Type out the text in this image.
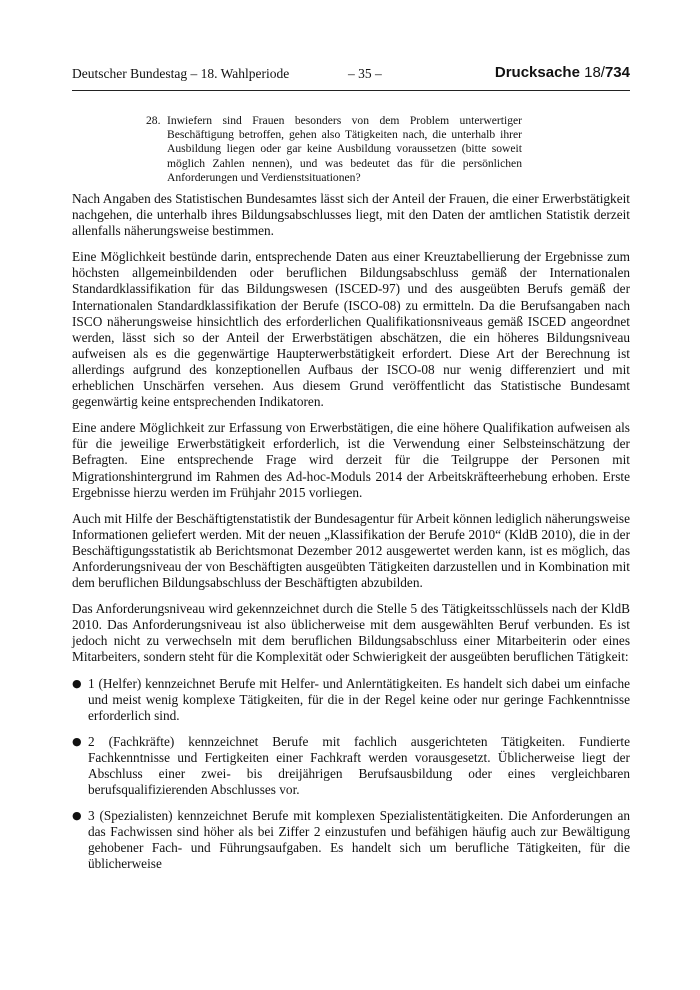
Deutscher Bundestag – 18. Wahlperiode	– 35 –	Drucksache 18/734
28. Inwiefern sind Frauen besonders von dem Problem unterwertiger Beschäftigung betroffen, gehen also Tätigkeiten nach, die unterhalb ihrer Ausbildung liegen oder gar keine Ausbildung voraussetzen (bitte soweit möglich Zahlen nennen), und was bedeutet das für die persönlichen Anforderungen und Verdienstsituationen?

Nach Angaben des Statistischen Bundesamtes lässt sich der Anteil der Frauen, die einer Erwerbstätigkeit nachgehen, die unterhalb ihres Bildungsabschlusses liegt, mit den Daten der amtlichen Statistik derzeit allenfalls näherungsweise bestimmen.

Eine Möglichkeit bestünde darin, entsprechende Daten aus einer Kreuztabellierung der Ergebnisse zum höchsten allgemeinbildenden oder beruflichen Bildungsabschluss gemäß der Internationalen Standardklassifikation für das Bildungswesen (ISCED-97) und des ausgeübten Berufs gemäß der Internationalen Standardklassifikation der Berufe (ISCO-08) zu ermitteln. Da die Berufsangaben nach ISCO näherungsweise hinsichtlich des erforderlichen Qualifikationsniveaus gemäß ISCED angeordnet werden, lässt sich so der Anteil der Erwerbstätigen abschätzen, die ein höheres Bildungsniveau aufweisen als es die gegenwärtige Haupterwerbstätigkeit erfordert. Diese Art der Berechnung ist allerdings aufgrund des konzeptionellen Aufbaus der ISCO-08 nur wenig differenziert und mit erheblichen Unschärfen versehen. Aus diesem Grund veröffentlicht das Statistische Bundesamt gegenwärtig keine entsprechenden Indikatoren.

Eine andere Möglichkeit zur Erfassung von Erwerbstätigen, die eine höhere Qualifikation aufweisen als für die jeweilige Erwerbstätigkeit erforderlich, ist die Verwendung einer Selbsteinschätzung der Befragten. Eine entsprechende Frage wird derzeit für die Teilgruppe der Personen mit Migrationshintergrund im Rahmen des Ad-hoc-Moduls 2014 der Arbeitskräfteerhebung erhoben. Erste Ergebnisse hierzu werden im Frühjahr 2015 vorliegen.

Auch mit Hilfe der Beschäftigtenstatistik der Bundesagentur für Arbeit können lediglich näherungsweise Informationen geliefert werden. Mit der neuen „Klassifikation der Berufe 2010“ (KldB 2010), die in der Beschäftigungsstatistik ab Berichtsmonat Dezember 2012 ausgewertet werden kann, ist es möglich, das Anforderungsniveau der von Beschäftigten ausgeübten Tätigkeiten darzustellen und in Kombination mit dem beruflichen Bildungsabschluss der Beschäftigten abzubilden.

Das Anforderungsniveau wird gekennzeichnet durch die Stelle 5 des Tätigkeitsschlüssels nach der KldB 2010. Das Anforderungsniveau ist also üblicherweise mit dem ausgewählten Beruf verbunden. Es ist jedoch nicht zu verwechseln mit dem beruflichen Bildungsabschluss einer Mitarbeiterin oder eines Mitarbeiters, sondern steht für die Komplexität oder Schwierigkeit der ausgeübten beruflichen Tätigkeit:

● 1 (Helfer) kennzeichnet Berufe mit Helfer- und Anlerntätigkeiten. Es handelt sich dabei um einfache und meist wenig komplexe Tätigkeiten, für die in der Regel keine oder nur geringe Fachkenntnisse erforderlich sind.
● 2 (Fachkräfte) kennzeichnet Berufe mit fachlich ausgerichteten Tätigkeiten. Fundierte Fachkenntnisse und Fertigkeiten einer Fachkraft werden vorausgesetzt. Üblicherweise liegt der Abschluss einer zwei- bis dreijährigen Berufsausbildung oder eines vergleichbaren berufsqualifizierenden Abschlusses vor.
● 3 (Spezialisten) kennzeichnet Berufe mit komplexen Spezialistentätigkeiten. Die Anforderungen an das Fachwissen sind höher als bei Ziffer 2 einzustufen und befähigen häufig auch zur Bewältigung gehobener Fach- und Führungsaufgaben. Es handelt sich um berufliche Tätigkeiten, für die üblicherweise
